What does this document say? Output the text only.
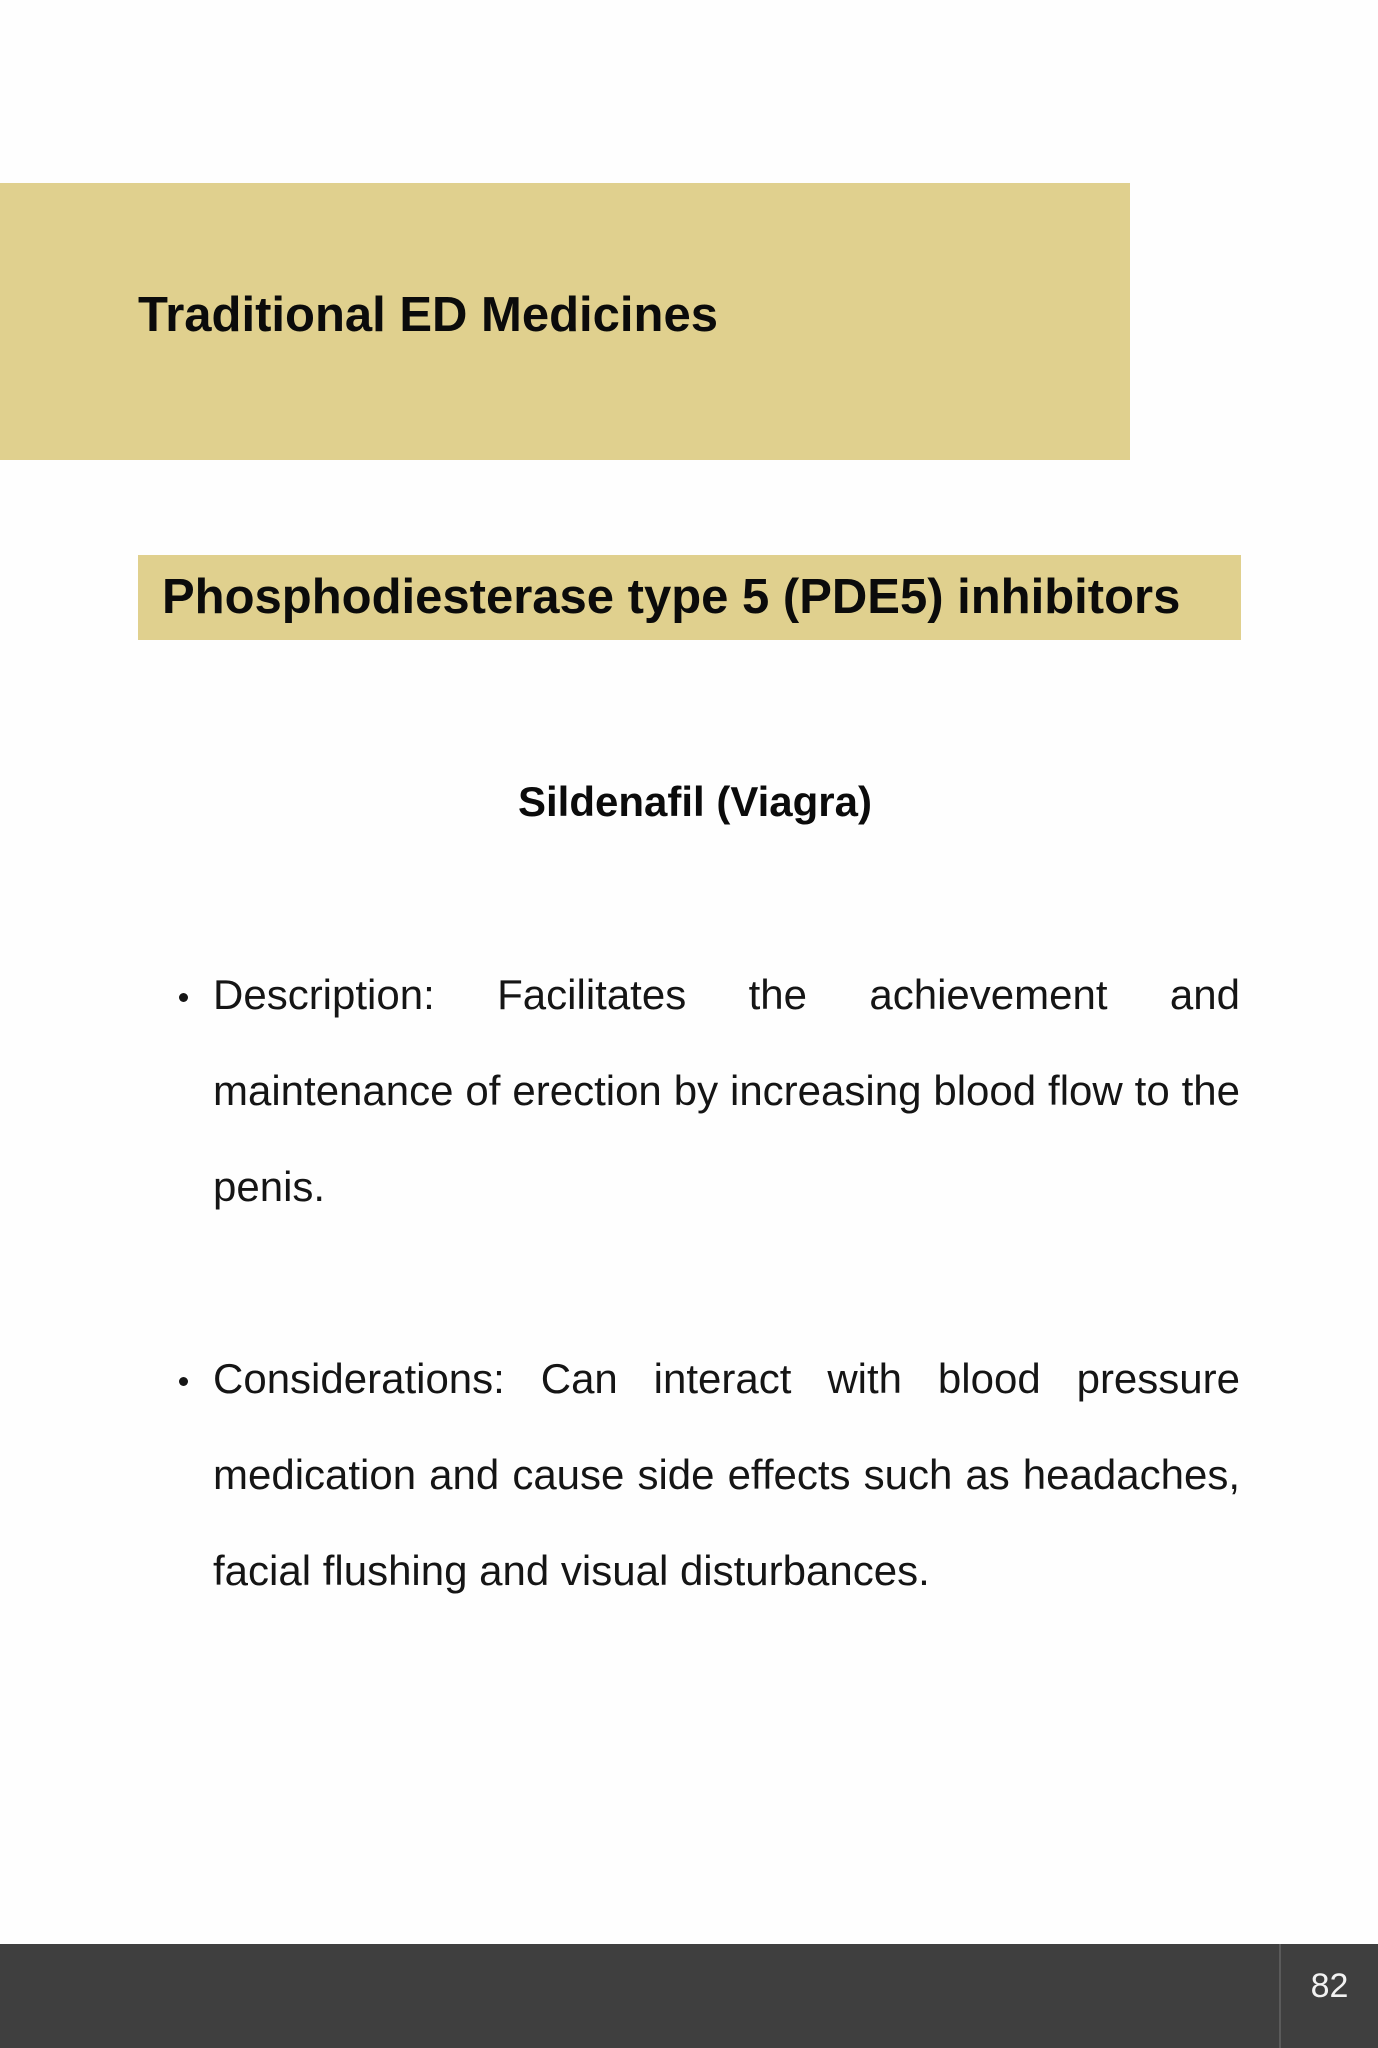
Traditional ED Medicines
Phosphodiesterase type 5 (PDE5) inhibitors
Sildenafil (Viagra)
Description: Facilitates the achievement and maintenance of erection by increasing blood flow to the penis.
Considerations: Can interact with blood pressure medication and cause side effects such as headaches, facial flushing and visual disturbances.
82
